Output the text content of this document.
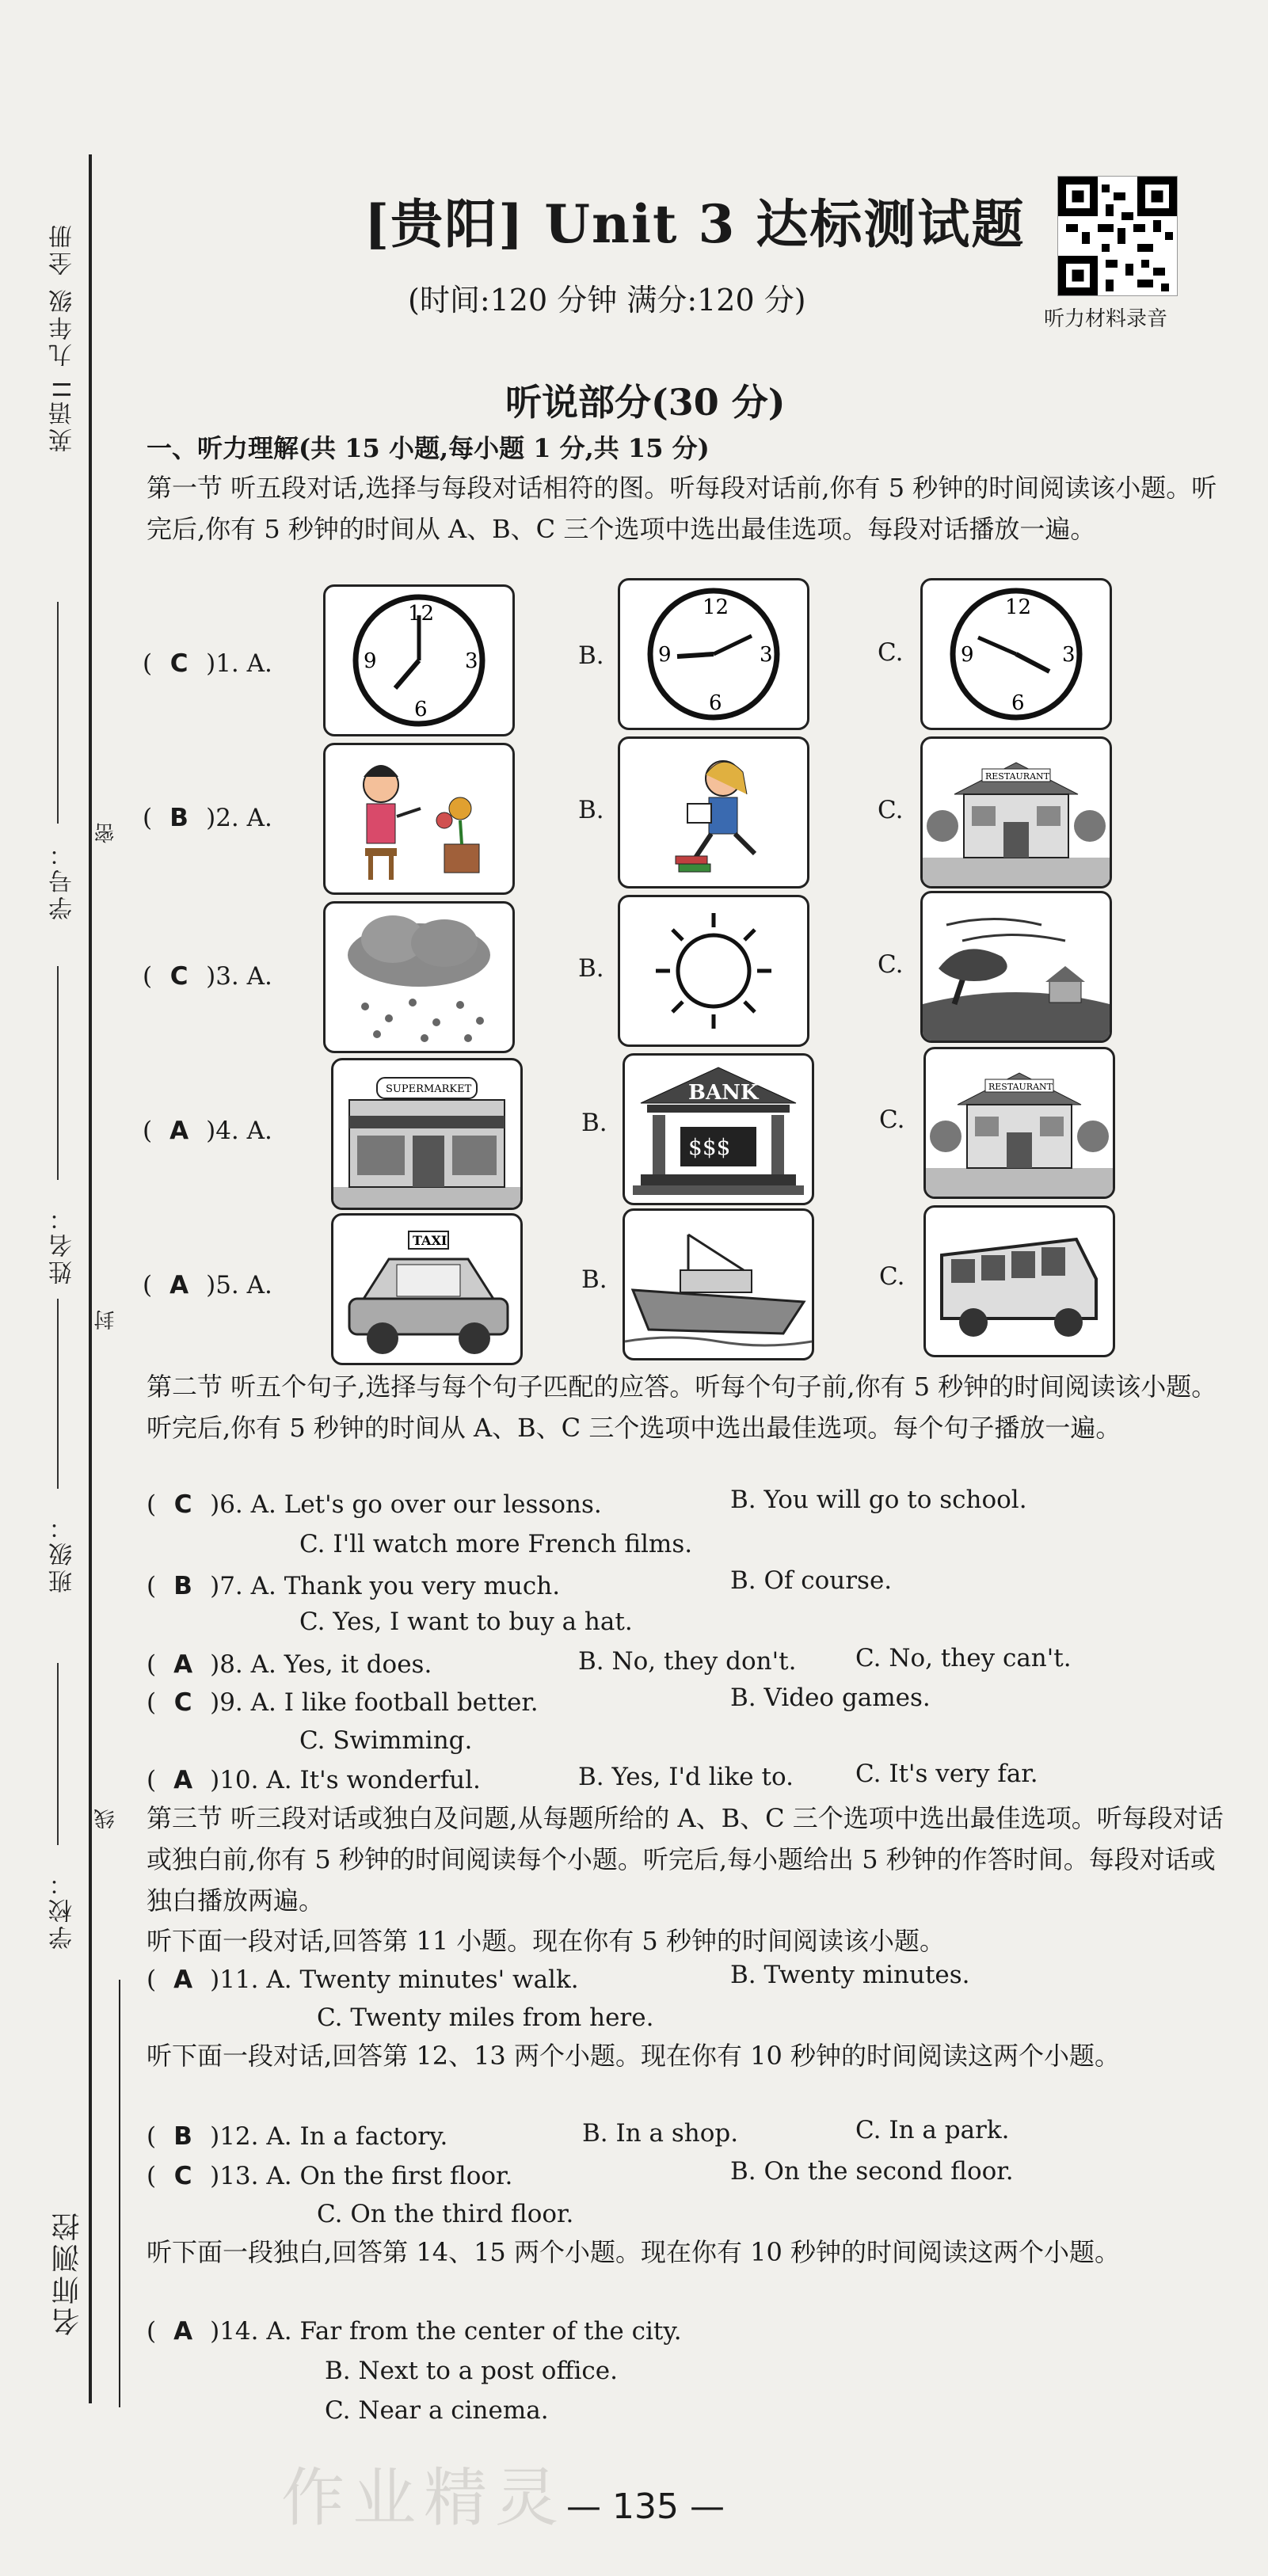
英语II 九年级 全册
学号：
密
姓名：
封
班级：
线
学校：
名师测控
[贵阳] Unit 3 达标测试题
(时间:120 分钟 满分:120 分)
听力材料录音
听说部分(30 分)
一、听力理解(共 15 小题,每小题 1 分,共 15 分)
第一节 听五段对话,选择与每段对话相符的图。听每段对话前,你有 5 秒钟的时间阅读该小题。听完后,你有 5 秒钟的时间从 A、B、C 三个选项中选出最佳选项。每段对话播放一遍。
( C )1. A.
12
3
6
9	B.
12
3
6
9	C.
12
3
6
9
( B )2. A.	B.	C.
RESTAURANT
( C )3. A.	B.	C.
( A )4. A.
SUPERMARKET
B.
BANK
$$$
C.
RESTAURANT
( A )5. A.
TAXI
B.	C.
第二节 听五个句子,选择与每个句子匹配的应答。听每个句子前,你有 5 秒钟的时间阅读该小题。听完后,你有 5 秒钟的时间从 A、B、C 三个选项中选出最佳选项。每个句子播放一遍。
( C )6. A. Let's go over our lessons.	B. You will go to school.
C. I'll watch more French films.
( B )7. A. Thank you very much.	B. Of course.
C. Yes, I want to buy a hat.
( A )8. A. Yes, it does.	B. No, they don't. C. No, they can't.
( C )9. A. I like football better.	B. Video games.
C. Swimming.
( A )10. A. It's wonderful.	B. Yes, I'd like to.	C. It's very far.
第三节 听三段对话或独白及问题,从每题所给的 A、B、C 三个选项中选出最佳选项。听每段对话或独白前,你有 5 秒钟的时间阅读每个小题。听完后,每小题给出 5 秒钟的作答时间。每段对话或独白播放两遍。
听下面一段对话,回答第 11 小题。现在你有 5 秒钟的时间阅读该小题。
( A )11. A. Twenty minutes' walk.	B. Twenty minutes.
C. Twenty miles from here.
听下面一段对话,回答第 12、13 两个小题。现在你有 10 秒钟的时间阅读这两个小题。
( B )12. A. In a factory.	B. In a shop.	C. In a park.
( C )13. A. On the first floor.	B. On the second floor.
C. On the third floor.
听下面一段独白,回答第 14、15 两个小题。现在你有 10 秒钟的时间阅读这两个小题。
( A )14. A. Far from the center of the city.
B. Next to a post office.
C. Near a cinema.
作业精灵 — 135 —
